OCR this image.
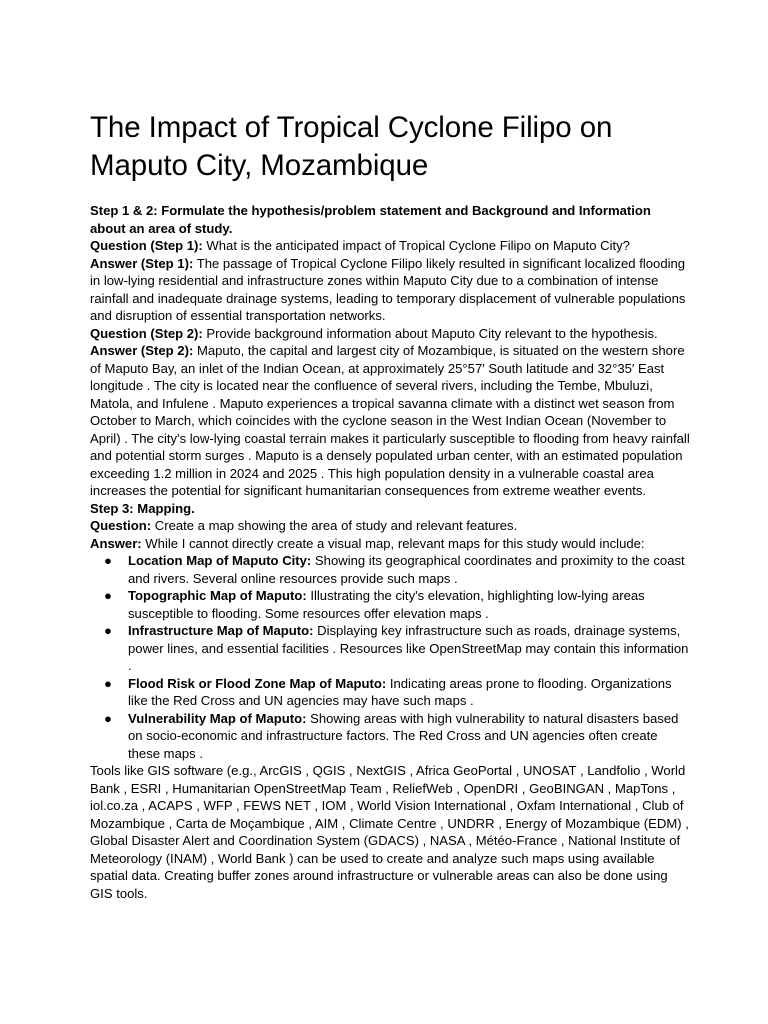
The Impact of Tropical Cyclone Filipo on Maputo City, Mozambique

Step 1 & 2: Formulate the hypothesis/problem statement and Background and Information about an area of study.

Question (Step 1): What is the anticipated impact of Tropical Cyclone Filipo on Maputo City?

Answer (Step 1): The passage of Tropical Cyclone Filipo likely resulted in significant localized flooding in low-lying residential and infrastructure zones within Maputo City due to a combination of intense rainfall and inadequate drainage systems, leading to temporary displacement of vulnerable populations and disruption of essential transportation networks.

Question (Step 2): Provide background information about Maputo City relevant to the hypothesis.

Answer (Step 2): Maputo, the capital and largest city of Mozambique, is situated on the western shore of Maputo Bay, an inlet of the Indian Ocean, at approximately 25°57′ South latitude and 32°35′ East longitude . The city is located near the confluence of several rivers, including the Tembe, Mbuluzi, Matola, and Infulene . Maputo experiences a tropical savanna climate with a distinct wet season from October to March, which coincides with the cyclone season in the West Indian Ocean (November to April) . The city's low-lying coastal terrain makes it particularly susceptible to flooding from heavy rainfall and potential storm surges . Maputo is a densely populated urban center, with an estimated population exceeding 1.2 million in 2024 and 2025 . This high population density in a vulnerable coastal area increases the potential for significant humanitarian consequences from extreme weather events.

Step 3: Mapping.

Question: Create a map showing the area of study and relevant features.

Answer: While I cannot directly create a visual map, relevant maps for this study would include:

● Location Map of Maputo City: Showing its geographical coordinates and proximity to the coast and rivers. Several online resources provide such maps .
● Topographic Map of Maputo: Illustrating the city's elevation, highlighting low-lying areas susceptible to flooding. Some resources offer elevation maps .
● Infrastructure Map of Maputo: Displaying key infrastructure such as roads, drainage systems, power lines, and essential facilities . Resources like OpenStreetMap may contain this information .
● Flood Risk or Flood Zone Map of Maputo: Indicating areas prone to flooding. Organizations like the Red Cross and UN agencies may have such maps .
● Vulnerability Map of Maputo: Showing areas with high vulnerability to natural disasters based on socio-economic and infrastructure factors. The Red Cross and UN agencies often create these maps .

Tools like GIS software (e.g., ArcGIS , QGIS , NextGIS , Africa GeoPortal , UNOSAT , Landfolio , World Bank , ESRI , Humanitarian OpenStreetMap Team , ReliefWeb , OpenDRI , GeoBINGAN , MapTons , iol.co.za , ACAPS , WFP , FEWS NET , IOM , World Vision International , Oxfam International , Club of Mozambique , Carta de Moçambique , AIM , Climate Centre , UNDRR , Energy of Mozambique (EDM) , Global Disaster Alert and Coordination System (GDACS) , NASA , Météo-France , National Institute of Meteorology (INAM) , World Bank ) can be used to create and analyze such maps using available spatial data. Creating buffer zones around infrastructure or vulnerable areas can also be done using GIS tools.
